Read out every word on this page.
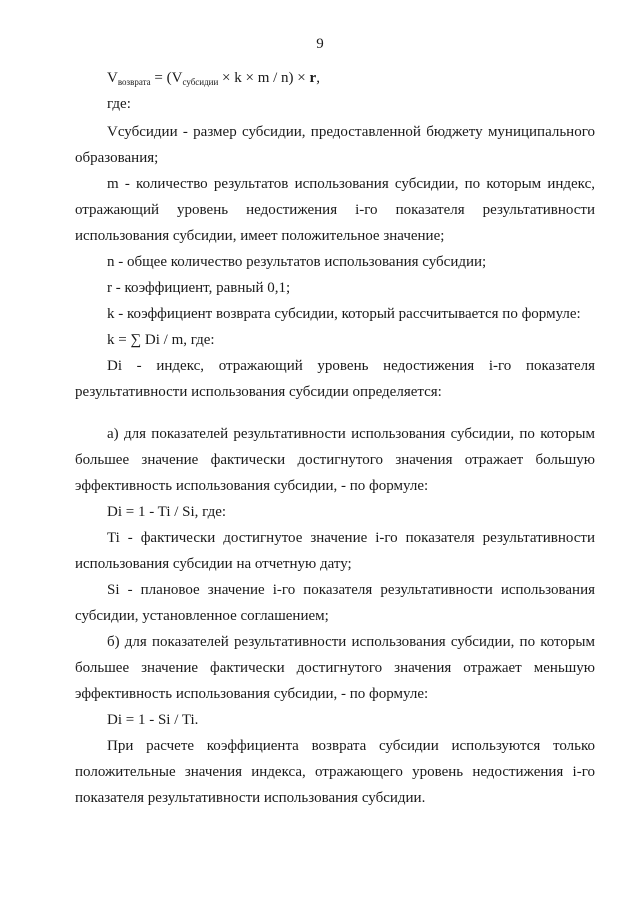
9
$V_{возврата} = (V_{субсидии} \times k \times m / n) \times r$,
где:
Vсубсидии - размер субсидии, предоставленной бюджету муниципального
образования;
m - количество результатов использования субсидии, по которым индекс,
отражающий уровень недостижения i-го показателя результативности
использования субсидии, имеет положительное значение;
n - общее количество результатов использования субсидии;
r - коэффициент, равный 0,1;
k - коэффициент возврата субсидии, который рассчитывается по формуле:
k = ∑ Di / m, где:
Di - индекс, отражающий уровень недостижения i-го показателя
результативности использования субсидии определяется:
а) для показателей результативности использования субсидии, по которым
большее значение фактически достигнутого значения отражает большую
эффективность использования субсидии, - по формуле:
Di = 1 - Ti / Si, где:
Ti - фактически достигнутое значение i-го показателя результативности
использования субсидии на отчетную дату;
Si - плановое значение i-го показателя результативности использования
субсидии, установленное соглашением;
б) для показателей результативности использования субсидии, по которым
большее значение фактически достигнутого значения отражает меньшую
эффективность использования субсидии, - по формуле:
Di = 1 - Si / Ti.
При расчете коэффициента возврата субсидии используются только
положительные значения индекса, отражающего уровень недостижения i-го
показателя результативности использования субсидии.
